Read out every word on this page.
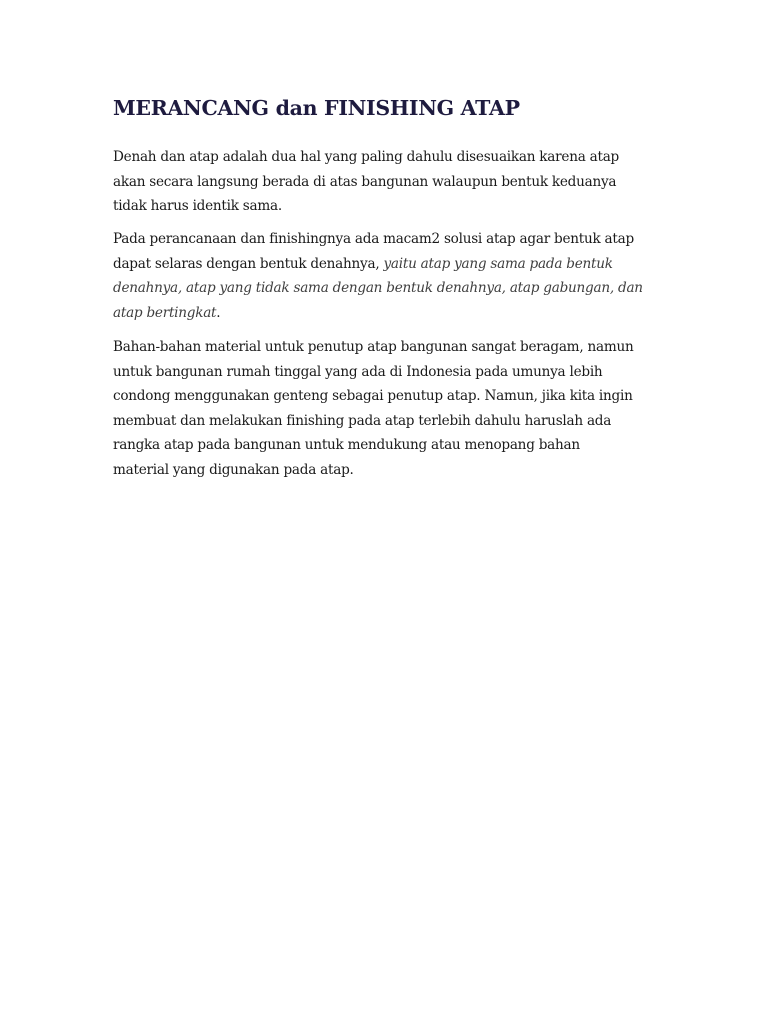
MERANCANG dan FINISHING ATAP

Denah dan atap adalah dua hal yang paling dahulu disesuaikan karena atap
akan secara langsung berada di atas bangunan walaupun bentuk keduanya
tidak harus identik sama.

Pada perancanaan dan finishingnya ada macam2 solusi atap agar bentuk atap
dapat selaras dengan bentuk denahnya, yaitu atap yang sama pada bentuk
denahnya, atap yang tidak sama dengan bentuk denahnya, atap gabungan, dan
atap bertingkat.

Bahan-bahan material untuk penutup atap bangunan sangat beragam, namun
untuk bangunan rumah tinggal yang ada di Indonesia pada umunya lebih
condong menggunakan genteng sebagai penutup atap. Namun, jika kita ingin
membuat dan melakukan finishing pada atap terlebih dahulu haruslah ada
rangka atap pada bangunan untuk mendukung atau menopang bahan
material yang digunakan pada atap.
